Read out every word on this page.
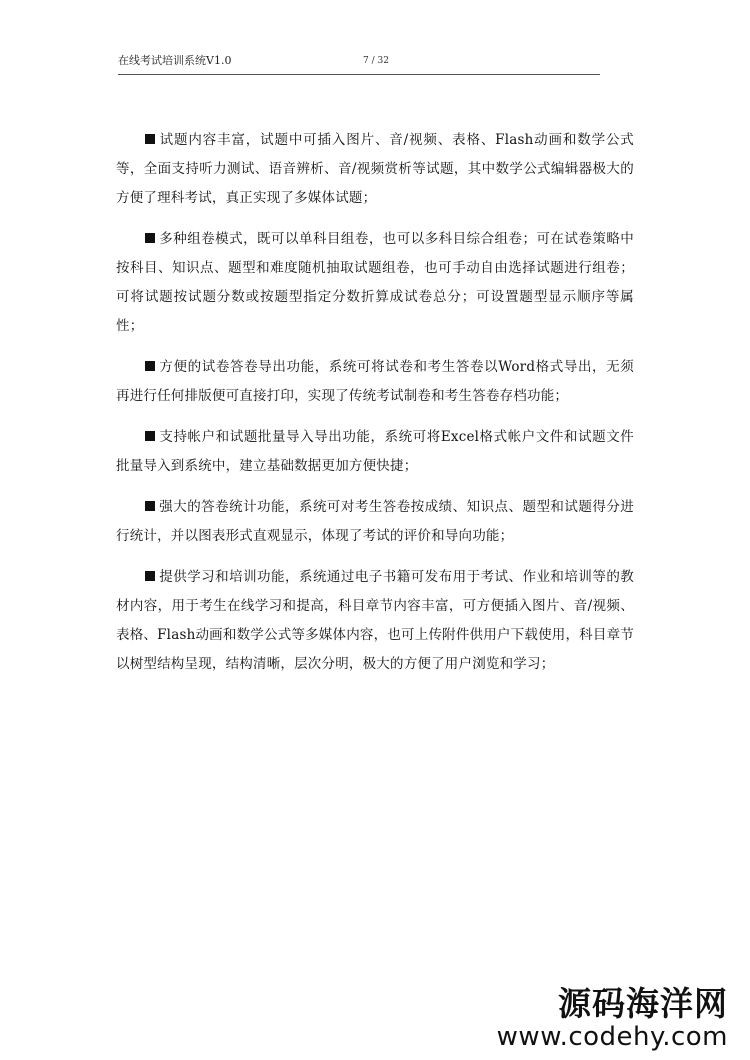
在线考试培训系统V1.0	7 / 32

试题内容丰富，试题中可插入图片、音/视频、表格、Flash动画和数学公式等，全面支持听力测试、语音辨析、音/视频赏析等试题，其中数学公式编辑器极大的方便了理科考试，真正实现了多媒体试题；

多种组卷模式，既可以单科目组卷，也可以多科目综合组卷；可在试卷策略中按科目、知识点、题型和难度随机抽取试题组卷，也可手动自由选择试题进行组卷；可将试题按试题分数或按题型指定分数折算成试卷总分；可设置题型显示顺序等属性；

方便的试卷答卷导出功能，系统可将试卷和考生答卷以Word格式导出，无须再进行任何排版便可直接打印，实现了传统考试制卷和考生答卷存档功能；

支持帐户和试题批量导入导出功能，系统可将Excel格式帐户文件和试题文件批量导入到系统中，建立基础数据更加方便快捷；

强大的答卷统计功能，系统可对考生答卷按成绩、知识点、题型和试题得分进行统计，并以图表形式直观显示，体现了考试的评价和导向功能；

提供学习和培训功能，系统通过电子书籍可发布用于考试、作业和培训等的教材内容，用于考生在线学习和提高，科目章节内容丰富，可方便插入图片、音/视频、表格、Flash动画和数学公式等多媒体内容，也可上传附件供用户下载使用，科目章节以树型结构呈现，结构清晰，层次分明，极大的方便了用户浏览和学习；

源码海洋网
www.codehy.com
